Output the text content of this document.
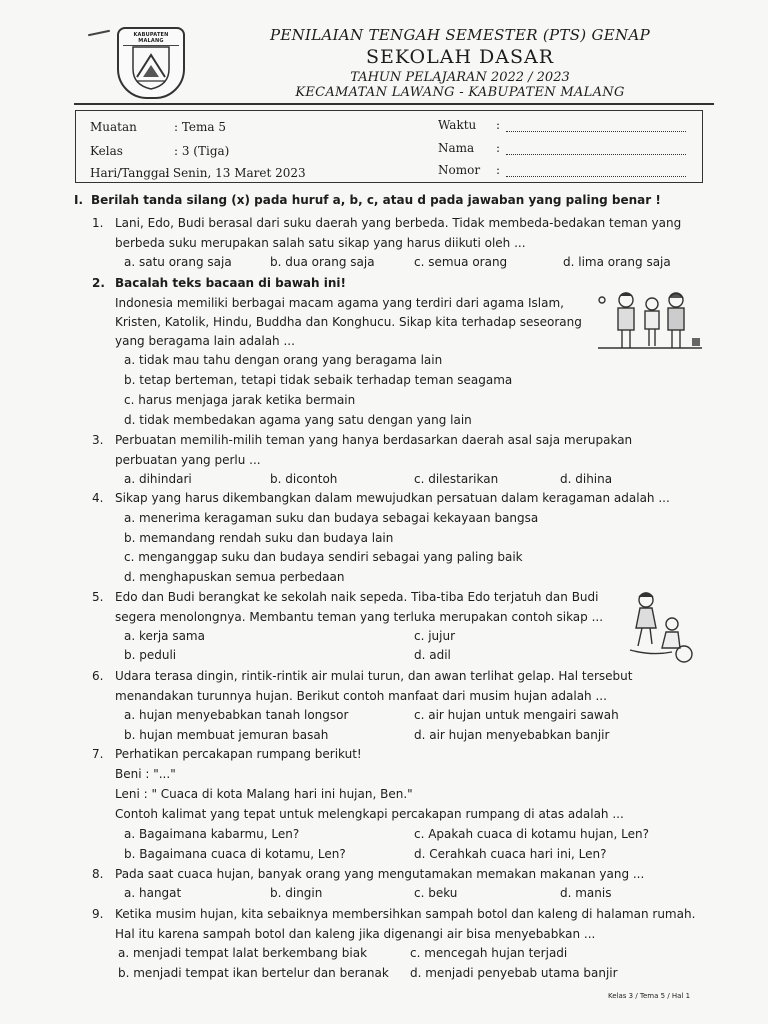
KABUPATEN MALANG	PENILAIAN TENGAH SEMESTER (PTS) GENAP
SEKOLAH DASAR
TAHUN PELAJARAN 2022 / 2023
KECAMATAN LAWANG - KABUPATEN MALANG
Muatan	: Tema 5
Kelas	: 3 (Tiga)
Hari/Tanggal
: Senin, 13 Maret 2023
Waktu :
Nama :
Nomor :
I. Berilah tanda silang (x) pada huruf a, b, c, atau d pada jawaban yang paling benar !
1. Lani, Edo, Budi berasal dari suku daerah yang berbeda. Tidak membeda-bedakan teman yang
berbeda suku merupakan salah satu sikap yang harus diikuti oleh ...
a. satu orang saja	b. dua orang saja	c. semua orang	d. lima orang saja
2. Bacalah teks bacaan di bawah ini!
Indonesia memiliki berbagai macam agama yang terdiri dari agama Islam,
Kristen, Katolik, Hindu, Buddha dan Konghucu. Sikap kita terhadap seseorang
yang beragama lain adalah ...
a. tidak mau tahu dengan orang yang beragama lain
b. tetap berteman, tetapi tidak sebaik terhadap teman seagama
c. harus menjaga jarak ketika bermain
d. tidak membedakan agama yang satu dengan yang lain
3. Perbuatan memilih-milih teman yang hanya berdasarkan daerah asal saja merupakan
perbuatan yang perlu ...
a. dihindari	b. dicontoh	c. dilestarikan	d. dihina
4. Sikap yang harus dikembangkan dalam mewujudkan persatuan dalam keragaman adalah ...
a. menerima keragaman suku dan budaya sebagai kekayaan bangsa
b. memandang rendah suku dan budaya lain
c. menganggap suku dan budaya sendiri sebagai yang paling baik
d. menghapuskan semua perbedaan
5. Edo dan Budi berangkat ke sekolah naik sepeda. Tiba-tiba Edo terjatuh dan Budi
segera menolongnya. Membantu teman yang terluka merupakan contoh sikap ...
a. kerja sama	c. jujur
b. peduli	d. adil
6. Udara terasa dingin, rintik-rintik air mulai turun, dan awan terlihat gelap. Hal tersebut
menandakan turunnya hujan. Berikut contoh manfaat dari musim hujan adalah ...
a. hujan menyebabkan tanah longsor	c. air hujan untuk mengairi sawah
b. hujan membuat jemuran basah	d. air hujan menyebabkan banjir
7. Perhatikan percakapan rumpang berikut!
Beni : "..."
Leni : " Cuaca di kota Malang hari ini hujan, Ben."
Contoh kalimat yang tepat untuk melengkapi percakapan rumpang di atas adalah ...
a. Bagaimana kabarmu, Len?	c. Apakah cuaca di kotamu hujan, Len?
b. Bagaimana cuaca di kotamu, Len?	d. Cerahkah cuaca hari ini, Len?
8. Pada saat cuaca hujan, banyak orang yang mengutamakan memakan makanan yang ...
a. hangat	b. dingin	c. beku	d. manis
9. Ketika musim hujan, kita sebaiknya membersihkan sampah botol dan kaleng di halaman rumah.
Hal itu karena sampah botol dan kaleng jika digenangi air bisa menyebabkan ...
a. menjadi tempat lalat berkembang biak	c. mencegah hujan terjadi
b. menjadi tempat ikan bertelur dan beranak d. menjadi penyebab utama banjir
Kelas 3 / Tema 5 / Hal 1
